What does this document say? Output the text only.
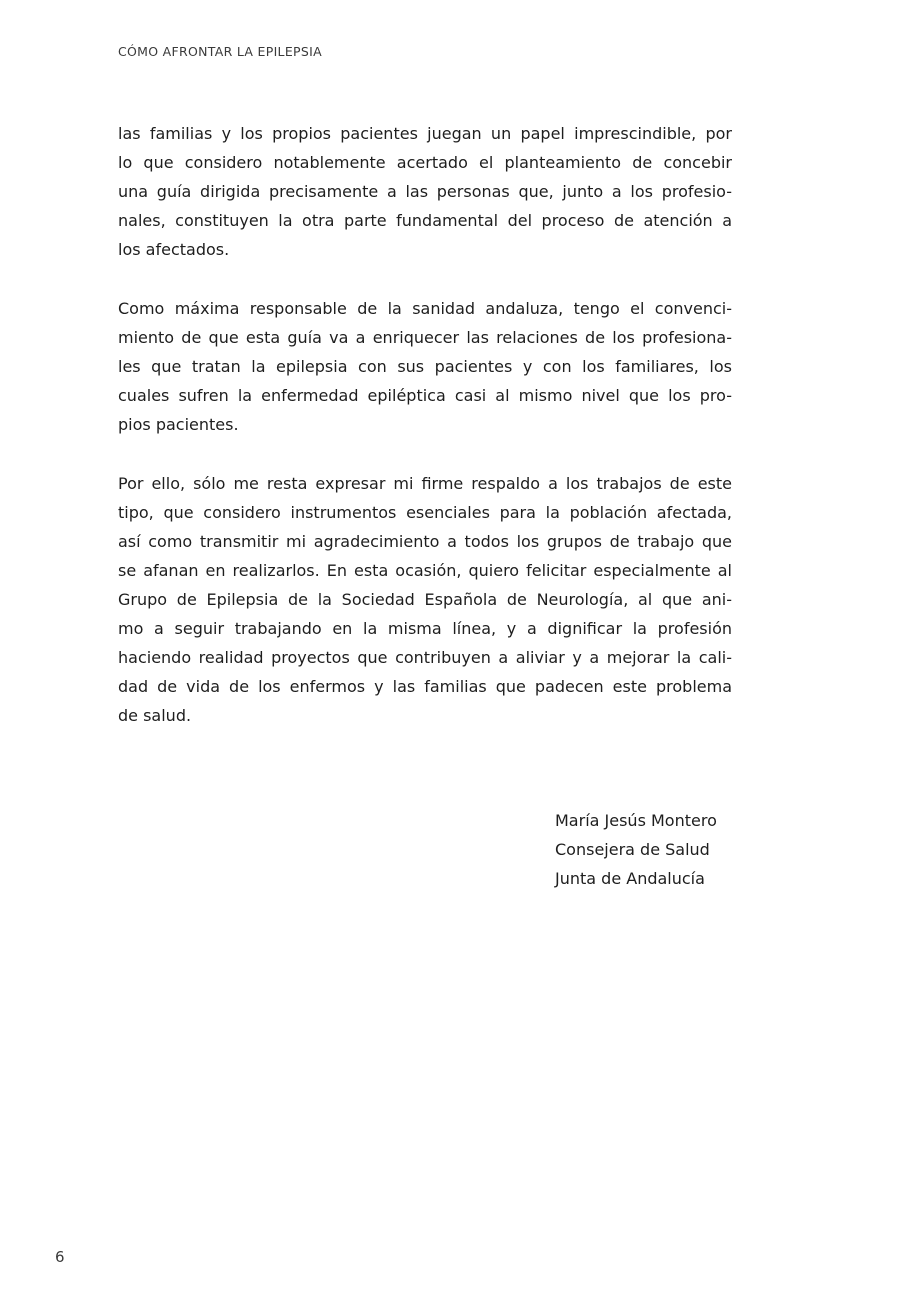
CÓMO AFRONTAR LA EPILEPSIA
las familias y los propios pacientes juegan un papel imprescindible, por
lo que considero notablemente acertado el planteamiento de concebir
una guía dirigida precisamente a las personas que, junto a los profesio-
nales, constituyen la otra parte fundamental del proceso de atención a
los afectados.
Como máxima responsable de la sanidad andaluza, tengo el convenci-
miento de que esta guía va a enriquecer las relaciones de los profesiona-
les que tratan la epilepsia con sus pacientes y con los familiares, los
cuales sufren la enfermedad epiléptica casi al mismo nivel que los pro-
pios pacientes.
Por ello, sólo me resta expresar mi firme respaldo a los trabajos de este
tipo, que considero instrumentos esenciales para la población afectada,
así como transmitir mi agradecimiento a todos los grupos de trabajo que
se afanan en realizarlos. En esta ocasión, quiero felicitar especialmente al
Grupo de Epilepsia de la Sociedad Española de Neurología, al que ani-
mo a seguir trabajando en la misma línea, y a dignificar la profesión
haciendo realidad proyectos que contribuyen a aliviar y a mejorar la cali-
dad de vida de los enfermos y las familias que padecen este problema
de salud.
María Jesús Montero
Consejera de Salud
Junta de Andalucía
6
